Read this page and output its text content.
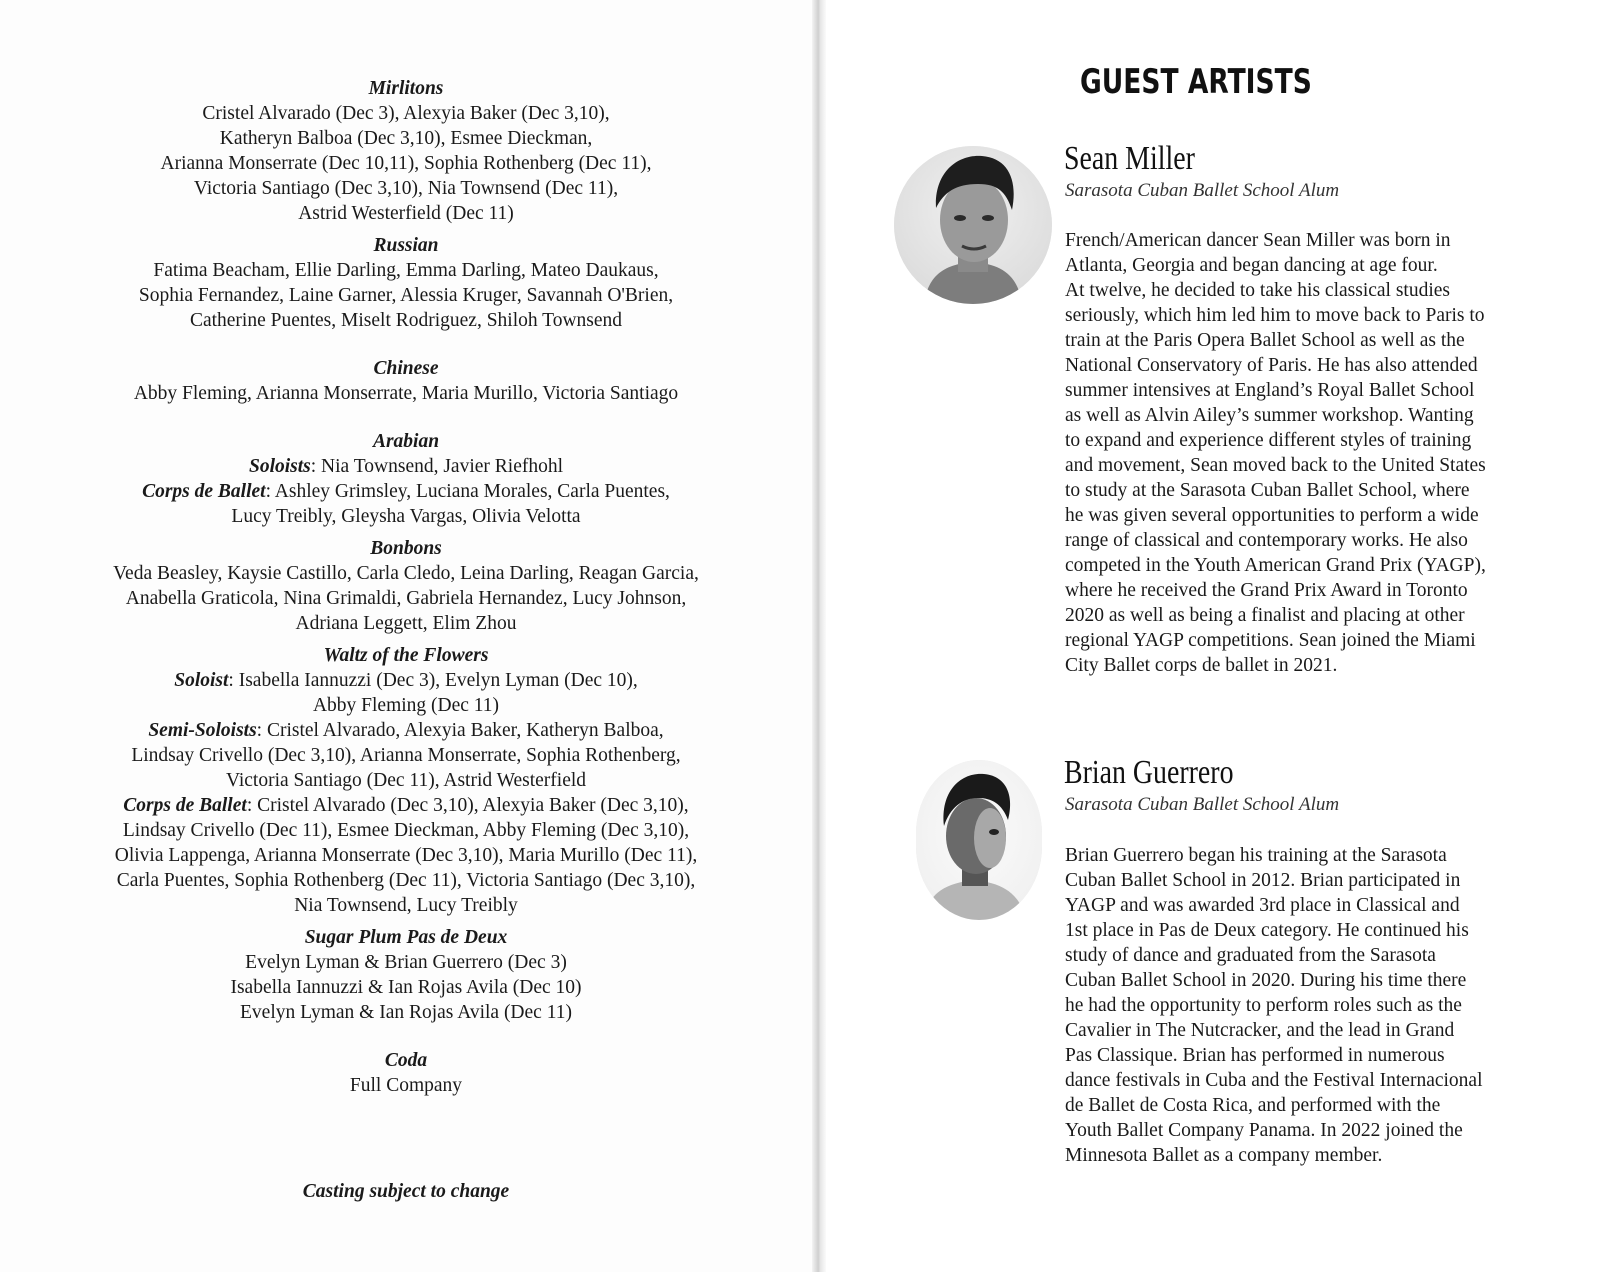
Mirlitons
Cristel Alvarado (Dec 3), Alexyia Baker (Dec 3,10),
Katheryn Balboa (Dec 3,10), Esmee Dieckman,
Arianna Monserrate (Dec 10,11), Sophia Rothenberg (Dec 11),
Victoria Santiago (Dec 3,10), Nia Townsend (Dec 11),
Astrid Westerfield (Dec 11)
Russian
Fatima Beacham, Ellie Darling, Emma Darling, Mateo Daukaus,
Sophia Fernandez, Laine Garner, Alessia Kruger, Savannah O'Brien,
Catherine Puentes, Miselt Rodriguez, Shiloh Townsend
Chinese
Abby Fleming, Arianna Monserrate, Maria Murillo, Victoria Santiago
Arabian
Soloists: Nia Townsend, Javier Riefhohl
Corps de Ballet: Ashley Grimsley, Luciana Morales, Carla Puentes,
Lucy Treibly, Gleysha Vargas, Olivia Velotta
Bonbons
Veda Beasley, Kaysie Castillo, Carla Cledo, Leina Darling, Reagan Garcia,
Anabella Graticola, Nina Grimaldi, Gabriela Hernandez, Lucy Johnson,
Adriana Leggett, Elim Zhou
Waltz of the Flowers
Soloist: Isabella Iannuzzi (Dec 3), Evelyn Lyman (Dec 10),
Abby Fleming (Dec 11)
Semi-Soloists: Cristel Alvarado, Alexyia Baker, Katheryn Balboa,
Lindsay Crivello (Dec 3,10), Arianna Monserrate, Sophia Rothenberg,
Victoria Santiago (Dec 11), Astrid Westerfield
Corps de Ballet: Cristel Alvarado (Dec 3,10), Alexyia Baker (Dec 3,10),
Lindsay Crivello (Dec 11), Esmee Dieckman, Abby Fleming (Dec 3,10),
Olivia Lappenga, Arianna Monserrate (Dec 3,10), Maria Murillo (Dec 11),
Carla Puentes, Sophia Rothenberg (Dec 11), Victoria Santiago (Dec 3,10),
Nia Townsend, Lucy Treibly
Sugar Plum Pas de Deux
Evelyn Lyman & Brian Guerrero (Dec 3)
Isabella Iannuzzi & Ian Rojas Avila (Dec 10)
Evelyn Lyman & Ian Rojas Avila (Dec 11)
Coda
Full Company
Casting subject to change
GUEST ARTISTS
Sean Miller
Sarasota Cuban Ballet School Alum
French/American dancer Sean Miller was born in
Atlanta, Georgia and began dancing at age four.
At twelve, he decided to take his classical studies
seriously, which him led him to move back to Paris to
train at the Paris Opera Ballet School as well as the
National Conservatory of Paris. He has also attended
summer intensives at England’s Royal Ballet School
as well as Alvin Ailey’s summer workshop. Wanting
to expand and experience different styles of training
and movement, Sean moved back to the United States
to study at the Sarasota Cuban Ballet School, where
he was given several opportunities to perform a wide
range of classical and contemporary works. He also
competed in the Youth American Grand Prix (YAGP),
where he received the Grand Prix Award in Toronto
2020 as well as being a finalist and placing at other
regional YAGP competitions. Sean joined the Miami
City Ballet corps de ballet in 2021.
Brian Guerrero
Sarasota Cuban Ballet School Alum
Brian Guerrero began his training at the Sarasota
Cuban Ballet School in 2012. Brian participated in
YAGP and was awarded 3rd place in Classical and
1st place in Pas de Deux category. He continued his
study of dance and graduated from the Sarasota
Cuban Ballet School in 2020. During his time there
he had the opportunity to perform roles such as the
Cavalier in The Nutcracker, and the lead in Grand
Pas Classique. Brian has performed in numerous
dance festivals in Cuba and the Festival Internacional
de Ballet de Costa Rica, and performed with the
Youth Ballet Company Panama. In 2022 joined the
Minnesota Ballet as a company member.
